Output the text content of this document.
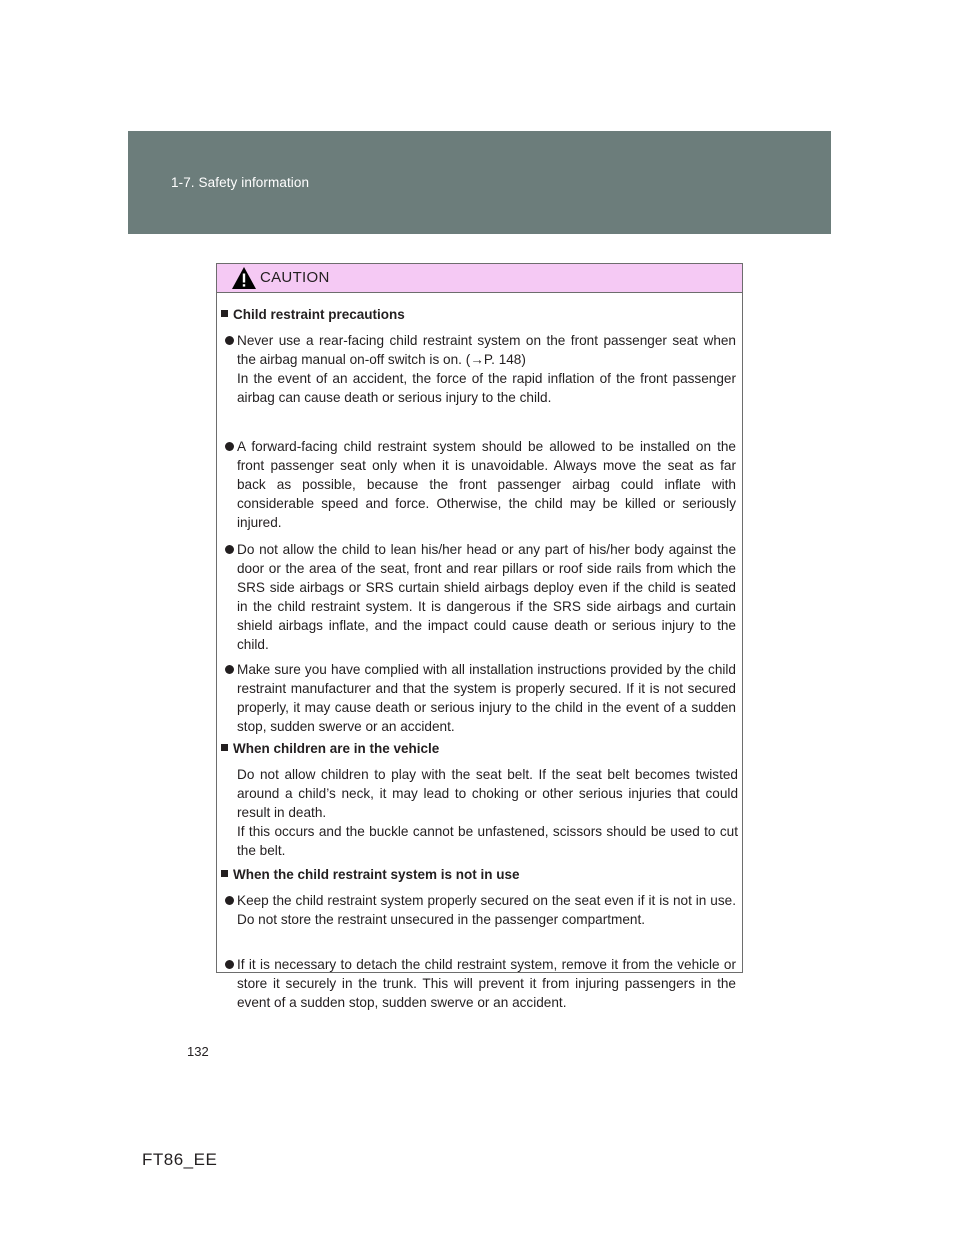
1-7. Safety information
CAUTION
Child restraint precautions

Never use a rear-facing child restraint system on the front passenger seat when the airbag manual on-off switch is on. (→P. 148)

In the event of an accident, the force of the rapid inflation of the front passenger airbag can cause death or serious injury to the child.

A forward-facing child restraint system should be allowed to be installed on the front passenger seat only when it is unavoidable. Always move the seat as far back as possible, because the front passenger airbag could inflate with considerable speed and force. Otherwise, the child may be killed or seriously injured.

Do not allow the child to lean his/her head or any part of his/her body against the door or the area of the seat, front and rear pillars or roof side rails from which the SRS side airbags or SRS curtain shield airbags deploy even if the child is seated in the child restraint system. It is dangerous if the SRS side airbags and curtain shield airbags inflate, and the impact could cause death or serious injury to the child.

Make sure you have complied with all installation instructions provided by the child restraint manufacturer and that the system is properly secured. If it is not secured properly, it may cause death or serious injury to the child in the event of a sudden stop, sudden swerve or an accident.

When children are in the vehicle

Do not allow children to play with the seat belt. If the seat belt becomes twisted around a child’s neck, it may lead to choking or other serious injuries that could result in death.

If this occurs and the buckle cannot be unfastened, scissors should be used to cut the belt.

When the child restraint system is not in use

Keep the child restraint system properly secured on the seat even if it is not in use. Do not store the restraint unsecured in the passenger compartment.

If it is necessary to detach the child restraint system, remove it from the vehicle or store it securely in the trunk. This will prevent it from injuring passengers in the event of a sudden stop, sudden swerve or an accident.

132
FT86_EE
